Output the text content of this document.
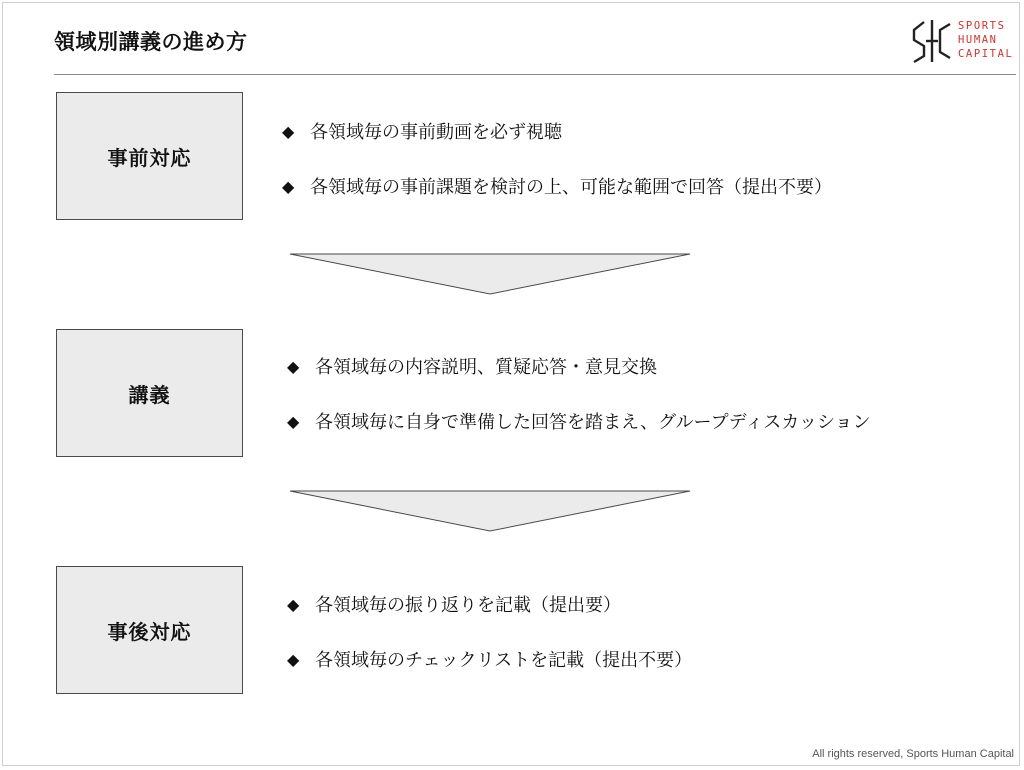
領域別講義の進め方
SPORTS
HUMAN
CAPITAL
事前対応
◆ 各領域毎の事前動画を必ず視聴
◆ 各領域毎の事前課題を検討の上、可能な範囲で回答（提出不要）
講義
◆ 各領域毎の内容説明、質疑応答・意見交換
◆ 各領域毎に自身で準備した回答を踏まえ、グループディスカッション
事後対応
◆ 各領域毎の振り返りを記載（提出要）
◆ 各領域毎のチェックリストを記載（提出不要）
All rights reserved, Sports Human Capital
